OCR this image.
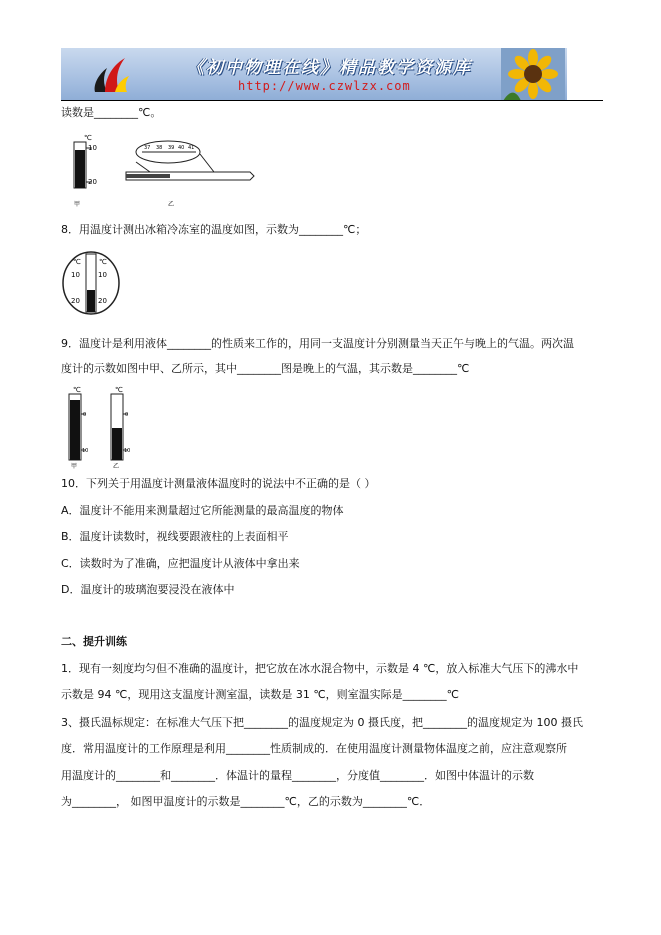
《初中物理在线》精品教学资源库
http://www.czwlzx.com
读数是________℃。
℃
10
20
甲
37 38 39 40 41
乙
8．用温度计测出冰箱冷冻室的温度如图，示数为________℃；
℃	℃
10	10
20	20
9．温度计是利用液体________的性质来工作的，用同一支温度计分别测量当天正午与晚上的气温。两次温
度计的示数如图中甲、乙所示，其中________图是晚上的气温，其示数是________℃
℃
0
10
甲
℃
0
10
乙
10．下列关于用温度计测量液体温度时的说法中不正确的是（ ）
A．温度计不能用来测量超过它所能测量的最高温度的物体
B．温度计读数时，视线要跟液柱的上表面相平
C．读数时为了准确，应把温度计从液体中拿出来
D．温度计的玻璃泡要浸没在液体中
二、提升训练
1．现有一刻度均匀但不准确的温度计，把它放在冰水混合物中，示数是 4 ℃，放入标准大气压下的沸水中
示数是 94 ℃，现用这支温度计测室温，读数是 31 ℃，则室温实际是________℃
3、摄氏温标规定：在标准大气压下把________的温度规定为 0 摄氏度，把________的温度规定为 100 摄氏
度．常用温度计的工作原理是利用________性质制成的．在使用温度计测量物体温度之前，应注意观察所
用温度计的________和________．体温计的量程________，分度值________．如图中体温计的示数
为________， 如图甲温度计的示数是________℃，乙的示数为________℃．
